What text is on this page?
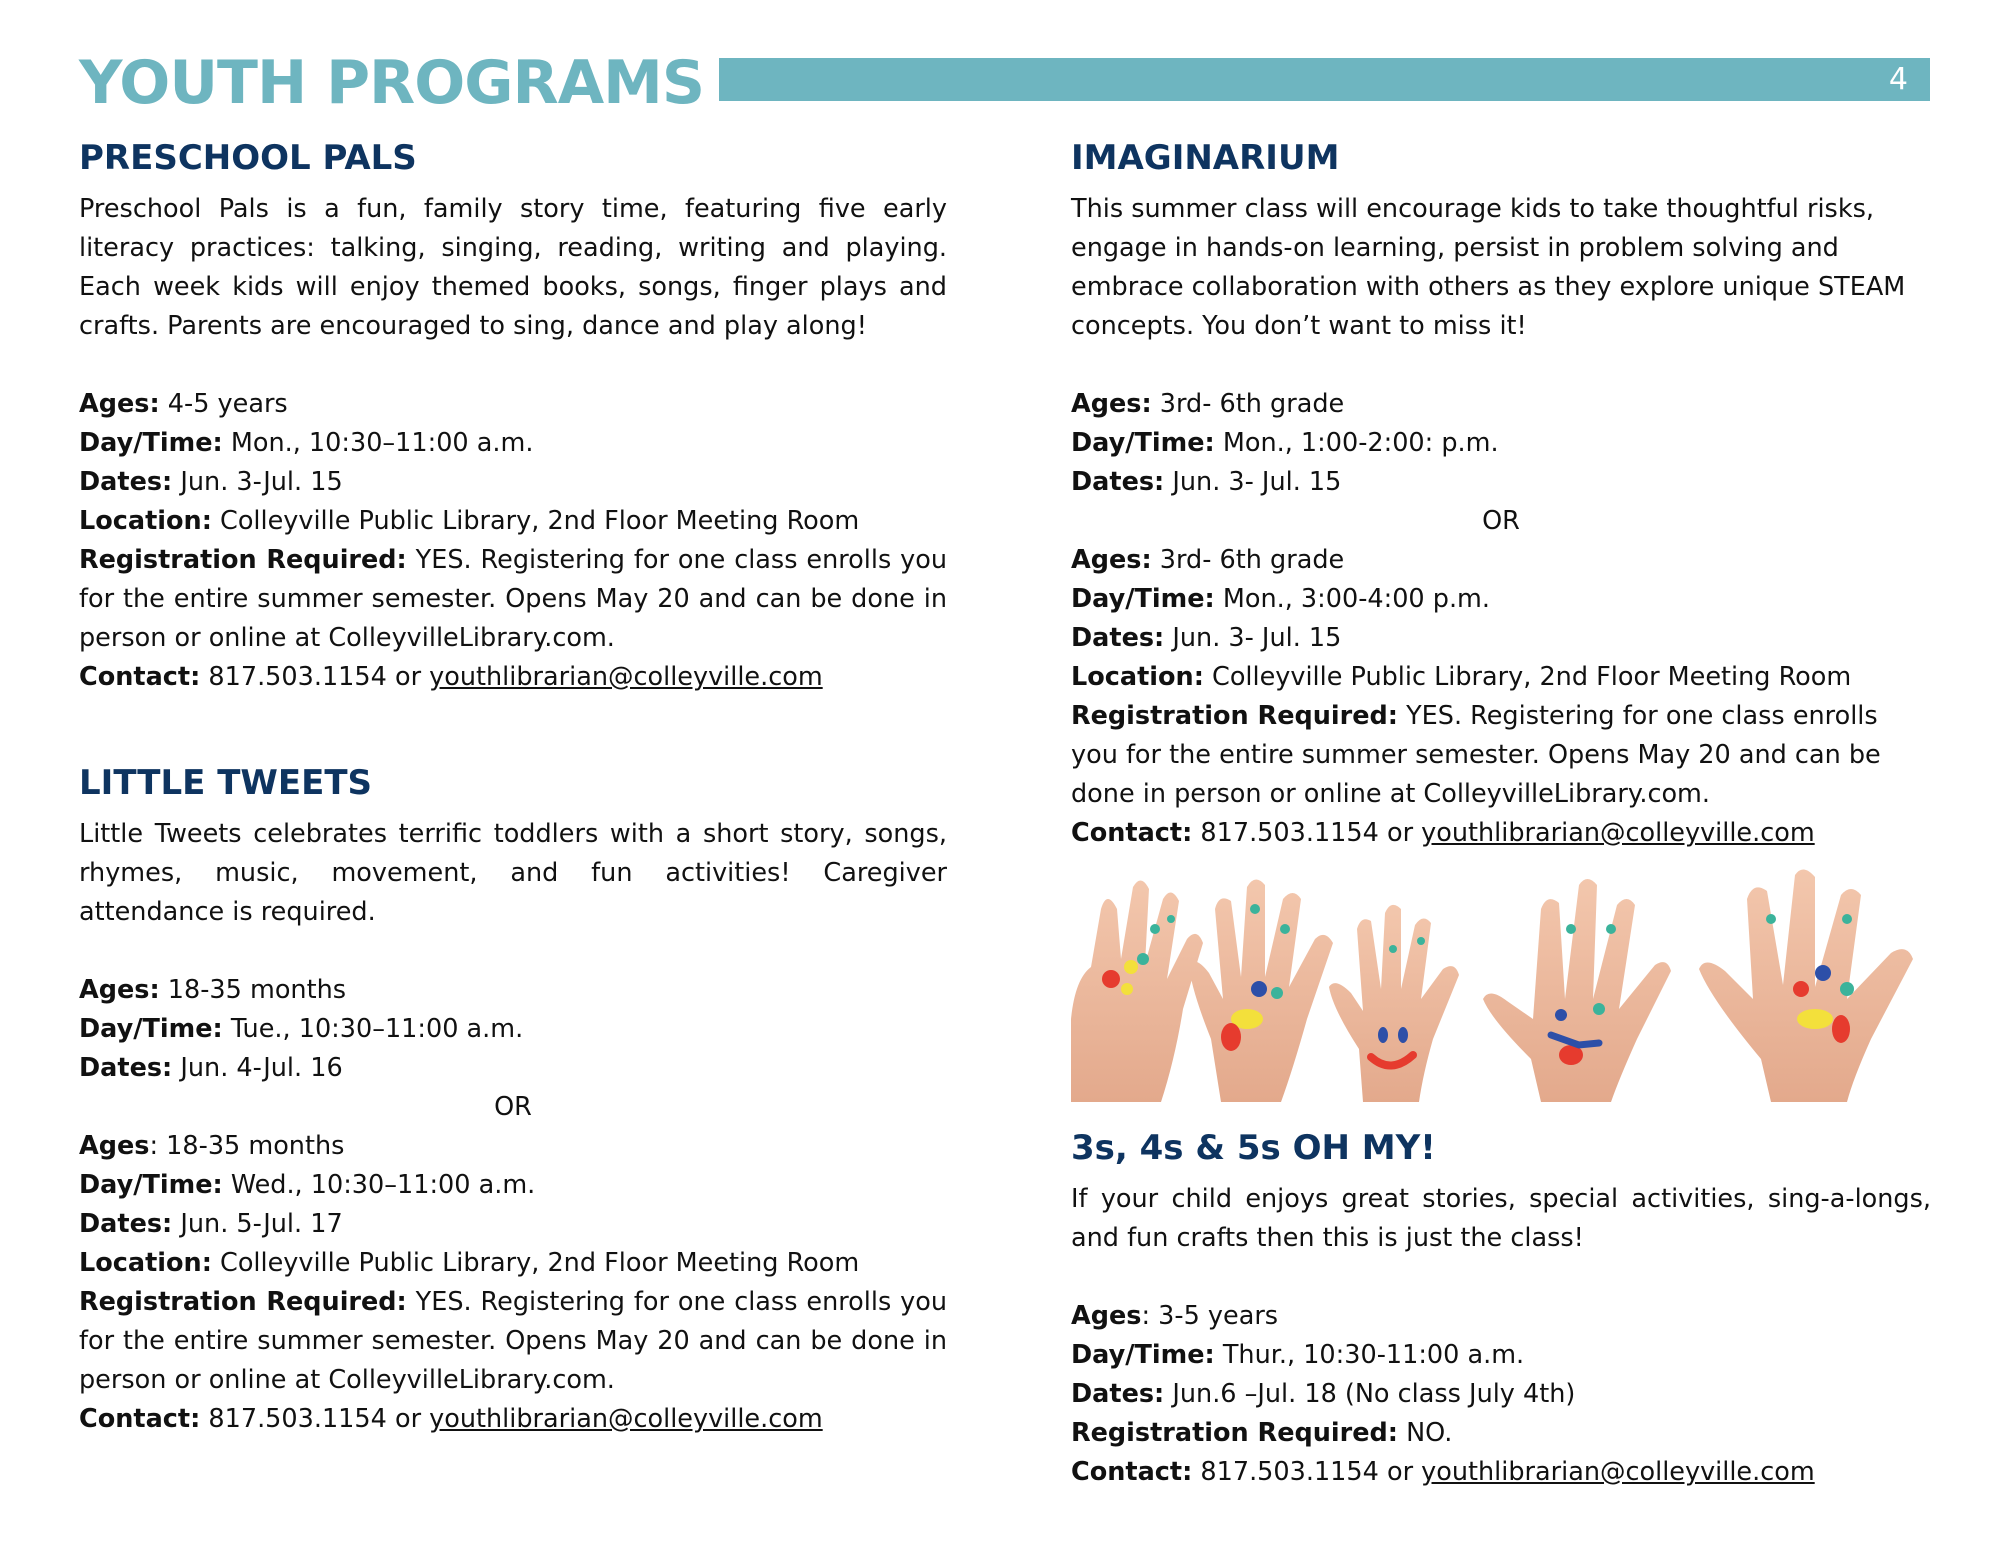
YOUTH PROGRAMS	4
PRESCHOOL PALS

Preschool Pals is a fun, family story time, featuring five early literacy practices: talking, singing, reading, writing and playing. Each week kids will enjoy themed books, songs, finger plays and crafts. Parents are encouraged to sing, dance and play along!

Ages: 4-5 years
Day/Time: Mon., 10:30–11:00 a.m.
Dates: Jun. 3-Jul. 15
Location: Colleyville Public Library, 2nd Floor Meeting Room
Registration Required: YES. Registering for one class enrolls you for the entire summer semester. Opens May 20 and can be done in person or online at ColleyvilleLibrary.com.
Contact: 817.503.1154 or youthlibrarian@colleyville.com
LITTLE TWEETS

Little Tweets celebrates terrific toddlers with a short story, songs, rhymes, music, movement, and fun activities! Caregiver attendance is required.

Ages: 18-35 months
Day/Time: Tue., 10:30–11:00 a.m.
Dates: Jun. 4-Jul. 16
OR
Ages: 18-35 months
Day/Time: Wed., 10:30–11:00 a.m.
Dates: Jun. 5-Jul. 17
Location: Colleyville Public Library, 2nd Floor Meeting Room
Registration Required: YES. Registering for one class enrolls you for the entire summer semester. Opens May 20 and can be done in person or online at ColleyvilleLibrary.com.
Contact: 817.503.1154 or youthlibrarian@colleyville.com
IMAGINARIUM

This summer class will encourage kids to take thoughtful risks, engage in hands-on learning, persist in problem solving and embrace collaboration with others as they explore unique STEAM concepts. You don’t want to miss it!

Ages: 3rd- 6th grade
Day/Time: Mon., 1:00-2:00: p.m.
Dates: Jun. 3- Jul. 15
OR
Ages: 3rd- 6th grade
Day/Time: Mon., 3:00-4:00 p.m.
Dates: Jun. 3- Jul. 15
Location: Colleyville Public Library, 2nd Floor Meeting Room
Registration Required: YES. Registering for one class enrolls you for the entire summer semester. Opens May 20 and can be done in person or online at ColleyvilleLibrary.com.
Contact: 817.503.1154 or youthlibrarian@colleyville.com
3s, 4s & 5s OH MY!

If your child enjoys great stories, special activities, sing-a-longs, and fun crafts then this is just the class!

Ages: 3-5 years
Day/Time: Thur., 10:30-11:00 a.m.
Dates: Jun.6 –Jul. 18 (No class July 4th)
Registration Required: NO.
Contact: 817.503.1154 or youthlibrarian@colleyville.com
